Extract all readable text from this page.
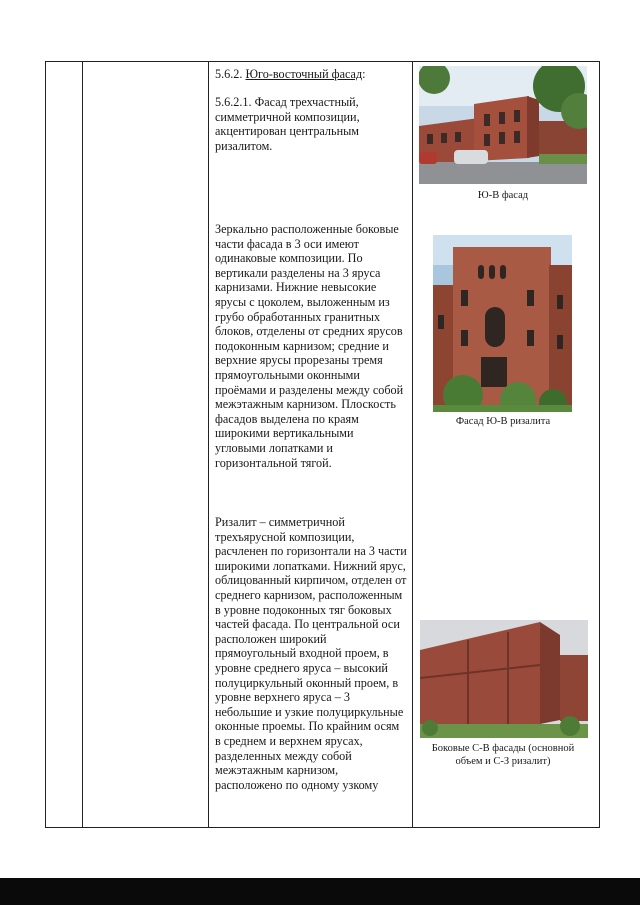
5.6.2. Юго-восточный фасад:

5.6.2.1. Фасад трехчастный, симметричной композиции, акцентирован центральным ризалитом.

Зеркально расположенные боковые части фасада в 3 оси имеют одинаковые композиции. По вертикали разделены на 3 яруса карнизами. Нижние невысокие ярусы с цоколем, выложенным из грубо обработанных гранитных блоков, отделены от средних ярусов подоконным карнизом; средние и верхние ярусы прорезаны тремя прямоугольными оконными проёмами и разделены между собой межэтажным карнизом. Плоскость фасадов выделена по краям широкими вертикальными угловыми лопатками и горизонтальной тягой.

Ризалит – симметричной трехъярусной композиции, расчленен по горизонтали на 3 части широкими лопатками. Нижний ярус, облицованный кирпичом, отделен от среднего карнизом, расположенным в уровне подоконных тяг боковых частей фасада. По центральной оси расположен широкий прямоугольный входной проем, в уровне среднего яруса – высокий полуциркульный оконный проем, в уровне верхнего яруса – 3 небольшие и узкие полуциркульные оконные проемы. По крайним осям в среднем и верхнем ярусах, разделенных между собой межэтажным карнизом, расположено по одному узкому

Ю-В фасад
Фасад Ю-В ризалита
Боковые С-В фасады (основной объем и С-З ризалит)
